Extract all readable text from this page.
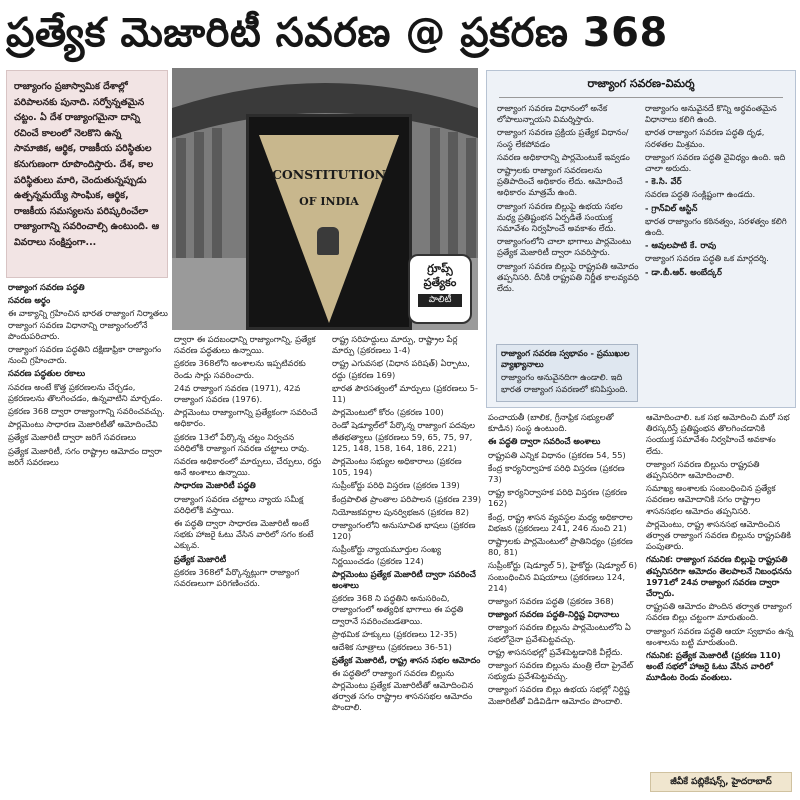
ప్రత్యేక మెజారిటీ సవరణ @ ప్రకరణ 368
రాజ్యాంగం ప్రజాస్వామిక దేశాల్లో పరిపాలనకు పునాది. సర్వోన్నతమైన చట్టం. ఏ దేశ రాజ్యాంగమైనా దాన్ని రచించే కాలంలో నెలకొని ఉన్న సామాజిక, ఆర్థిక, రాజకీయ పరిస్థితుల కనుగుణంగా రూపొందిస్తారు. దేశ, కాల పరిస్థితులు మారి, చెందుతున్నప్పుడు ఉత్పన్నమయ్యే సాంఘిక, ఆర్థిక, రాజకీయ సమస్యలను పరిష్కరించేలా రాజ్యాంగాన్ని సవరించాల్సి ఉంటుంది. ఆ వివరాలు సంక్షిప్తంగా...
CONSTITUTION
OF INDIA
గ్రూప్స్
ప్రత్యేకం
పాలిటీ
రాజ్యాంగ సవరణ-విమర్శ

రాజ్యాంగ సవరణ విధానంలో అనేక లోపాలున్నాయని విమర్శిస్తారు.

రాజ్యాంగ సవరణ ప్రక్రియ ప్రత్యేక విధానం/సంస్థ లేకపోవడం

సవరణ అధికారాన్ని పార్లమెంటుకే ఇవ్వడం

రాష్ట్రాలకు రాజ్యాంగ సవరణలను ప్రతిపాదించే అధికారం లేదు. ఆమోదించే అధికారం మాత్రమే ఉంది.

రాజ్యాంగ సవరణ బిల్లుపై ఉభయ సభల మధ్య ప్రతిష్టంభన ఏర్పడితే సంయుక్త సమావేశం నిర్వహించే అవకాశం లేదు.

రాజ్యాంగంలోని చాలా భాగాలు పార్లమెంటు ప్రత్యేక మెజారిటీ ద్వారా సవరిస్తారు.

రాజ్యాంగ సవరణ బిల్లుపై రాష్ట్రపతి ఆమోదం తప్పనిసరి. దీనికి రాష్ట్రపతి నిర్ణీత కాలవ్యవధి లేదు.

రాజ్యాంగం అనువైనదే కొన్ని అర్థవంతమైన విధానాలు కలిగి ఉంది.

భారత రాజ్యాంగ సవరణ పద్ధతి దృఢ, సరళతల మిశ్రమం.

రాజ్యాంగ సవరణ పద్ధతి వైవిధ్యం ఉంది. ఇది చాలా అరుదు.

- కె.సి. వేర్

సవరణ పద్ధతి సంక్లిష్టంగా ఉండదు.

- గ్రాన్‌విల్ ఆస్టిన్

భారత రాజ్యాంగం కఠినత్వం, సరళత్వం కలిగి ఉంది.

- ఆవులపాటి కే. రావు

రాజ్యాంగ సవరణ పద్ధతి ఒక మార్గదర్శి.

- డా.బీ.ఆర్. అంబేద్కర్

రాజ్యాంగ సవరణ స్వభావం - ప్రముఖుల వ్యాఖ్యానాలు

రాజ్యాంగం అనువైనదిగా ఉండాలి. ఇది భారత రాజ్యాంగ సవరణలో కనిపిస్తుంది.

రాజ్యాంగ సవరణ పద్ధతి

సవరణ అర్థం

ఈ వాక్యాన్ని గ్రహించిన భారత రాజ్యాంగ నిర్మాతలు రాజ్యాంగ సవరణ విధానాన్ని రాజ్యాంగంలోనే పొందుపరిచారు.

రాజ్యాంగ సవరణ పద్ధతిని దక్షిణాఫ్రికా రాజ్యాంగం నుంచి గ్రహించారు.

సవరణ పద్ధతుల రకాలు

సవరణ అంటే కొత్త ప్రకరణలను చేర్చడం, ప్రకరణలను తొలగించడం, ఉన్నవాటిని మార్చడం.

ప్రకరణ 368 ద్వారా రాజ్యాంగాన్ని సవరించవచ్చు.

పార్లమెంటు సాధారణ మెజారిటీతో ఆమోదించేవి

ప్రత్యేక మెజారిటీ ద్వారా జరిగే సవరణలు

ప్రత్యేక మెజారిటీ, సగం రాష్ట్రాల ఆమోదం ద్వారా జరిగే సవరణలు

ద్వారా ఈ పదబంధాన్ని రాజ్యాంగాన్ని, ప్రత్యేక సవరణ పద్ధతులు ఉన్నాయి.

ప్రకరణ 368లోని అంశాలను ఇప్పటివరకు రెండు సార్లు సవరించారు.

24వ రాజ్యాంగ సవరణ (1971), 42వ రాజ్యాంగ సవరణ (1976).

పార్లమెంటు రాజ్యాంగాన్ని ప్రత్యేకంగా సవరించే అధికారం.

ప్రకరణ 13లో పేర్కొన్న చట్టం నిర్వచన పరిధిలోకి రాజ్యాంగ సవరణ చట్టాలు రావు.

సవరణ అధికారంలో మార్పులు, చేర్పులు, రద్దు అనే అంశాలు ఉన్నాయి.

సాధారణ మెజారిటీ పద్ధతి

రాజ్యాంగ సవరణ చట్టాలు న్యాయ సమీక్ష పరిధిలోకి వస్తాయి.

ఈ పద్ధతి ద్వారా సాధారణ మెజారిటీ అంటే సభకు హాజరై ఓటు వేసిన వారిలో సగం కంటే ఎక్కువ.

ప్రత్యేక మెజారిటీ

ప్రకరణ 368లో పేర్కొన్నట్లుగా రాజ్యాంగ సవరణలుగా పరిగణించరు.

రాష్ట్ర సరిహద్దులు మార్పు, రాష్ట్రాల పేర్ల మార్పు (ప్రకరణలు 1-4)

రాష్ట్ర ఎగువసభ (విధాన పరిషత్) ఏర్పాటు, రద్దు (ప్రకరణ 169)

భారత పౌరసత్వంలో మార్పులు (ప్రకరణలు 5-11)

పార్లమెంటులో కోరం (ప్రకరణ 100)

రెండో షెడ్యూల్‌లో పేర్కొన్న రాజ్యాంగ పదవుల జీతభత్యాలు (ప్రకరణలు 59, 65, 75, 97, 125, 148, 158, 164, 186, 221)

పార్లమెంటు సభ్యుల అధికారాలు (ప్రకరణ 105, 194)

సుప్రీంకోర్టు పరిధి విస్తరణ (ప్రకరణ 139)

కేంద్రపాలిత ప్రాంతాల పరిపాలన (ప్రకరణ 239)

నియోజకవర్గాల పునర్విభజన (ప్రకరణ 82)

రాజ్యాంగంలోని అనుసూచిత భాషలు (ప్రకరణ 120)

సుప్రీంకోర్టు న్యాయమూర్తుల సంఖ్య నిర్ణయించడం (ప్రకరణ 124)

పార్లమెంటు ప్రత్యేక మెజారిటీ ద్వారా సవరించే అంశాలు

ప్రకరణ 368 ని పద్ధతిని అనుసరించి, రాజ్యాంగంలో అత్యధిక భాగాలు ఈ పద్ధతి ద్వారానే సవరించబడతాయి.

ప్రాథమిక హక్కులు (ప్రకరణలు 12-35)

ఆదేశిక సూత్రాలు (ప్రకరణలు 36-51)

ప్రత్యేక మెజారిటీ, రాష్ట్ర శాసన సభల ఆమోదం

ఈ పద్ధతిలో రాజ్యాంగ సవరణ బిల్లును పార్లమెంటు ప్రత్యేక మెజారిటీతో ఆమోదించిన తర్వాత సగం రాష్ట్రాల శాసనసభల ఆమోదం పొందాలి.

పంచాయతీ (బాలిక, గ్రీనాఫ్రిక సభ్యులతో కూడిన) సంస్థ ఉంటుంది.

ఈ పద్ధతి ద్వారా సవరించే అంశాలు

రాష్ట్రపతి ఎన్నిక విధానం (ప్రకరణ 54, 55)

కేంద్ర కార్యనిర్వాహక పరిధి విస్తరణ (ప్రకరణ 73)

రాష్ట్ర కార్యనిర్వాహక పరిధి విస్తరణ (ప్రకరణ 162)

కేంద్ర, రాష్ట్ర శాసన వ్యవస్థల మధ్య అధికారాల విభజన (ప్రకరణలు 241, 246 నుంచి 21)

రాష్ట్రాలకు పార్లమెంటులో ప్రాతినిధ్యం (ప్రకరణ 80, 81)

సుప్రీంకోర్టు (షెడ్యూల్ 5), హైకోర్టు (షెడ్యూల్ 6) సంబంధించిన విషయాలు (ప్రకరణలు 124, 214)

రాజ్యాంగ సవరణ పద్ధతి (ప్రకరణ 368)

రాజ్యాంగ సవరణ పద్ధతి-నిర్దిష్ట విధానాలు

రాజ్యాంగ సవరణ బిల్లును పార్లమెంటులోని ఏ సభలోనైనా ప్రవేశపెట్టవచ్చు.

రాష్ట్ర శాసనసభల్లో ప్రవేశపెట్టడానికి వీల్లేదు.

రాజ్యాంగ సవరణ బిల్లును మంత్రి లేదా ప్రైవేట్ సభ్యుడు ప్రవేశపెట్టవచ్చు.

రాజ్యాంగ సవరణ బిల్లు ఉభయ సభల్లో నిర్దిష్ట మెజారిటీతో విడివిడిగా ఆమోదం పొందాలి.

ఆమోదించాలి. ఒక సభ ఆమోదించి మరో సభ తిరస్కరిస్తే ప్రతిష్టంభన తొలగించడానికి సంయుక్త సమావేశం నిర్వహించే అవకాశం లేదు.

రాజ్యాంగ సవరణ బిల్లును రాష్ట్రపతి తప్పనిసరిగా ఆమోదించాలి.

సమాఖ్య అంశాలకు సంబంధించిన ప్రత్యేక సవరణల ఆమోదానికి సగం రాష్ట్రాల శాసనసభల ఆమోదం తప్పనిసరి.

పార్లమెంటు, రాష్ట్ర శాసనసభ ఆమోదించిన తర్వాత రాజ్యాంగ సవరణ బిల్లును రాష్ట్రపతికి పంపుతారు.

గమనిక: రాజ్యాంగ సవరణ బిల్లుపై రాష్ట్రపతి తప్పనిసరిగా ఆమోదం తెలపాలనే నిబంధనను 1971లో 24వ రాజ్యాంగ సవరణ ద్వారా చేర్చారు.

రాష్ట్రపతి ఆమోదం పొందిన తర్వాత రాజ్యాంగ సవరణ బిల్లు చట్టంగా మారుతుంది.

రాజ్యాంగ సవరణ పద్ధతి ఆయా స్వభావం ఉన్న అంశాలను బట్టి మారుతుంది.

గమనిక: ప్రత్యేక మెజారిటీ (ప్రకరణ 110) అంటే సభలో హాజరై ఓటు వేసిన వారిలో మూడింట రెండు వంతులు.

జీవీకే పబ్లికేషన్స్, హైదరాబాద్
